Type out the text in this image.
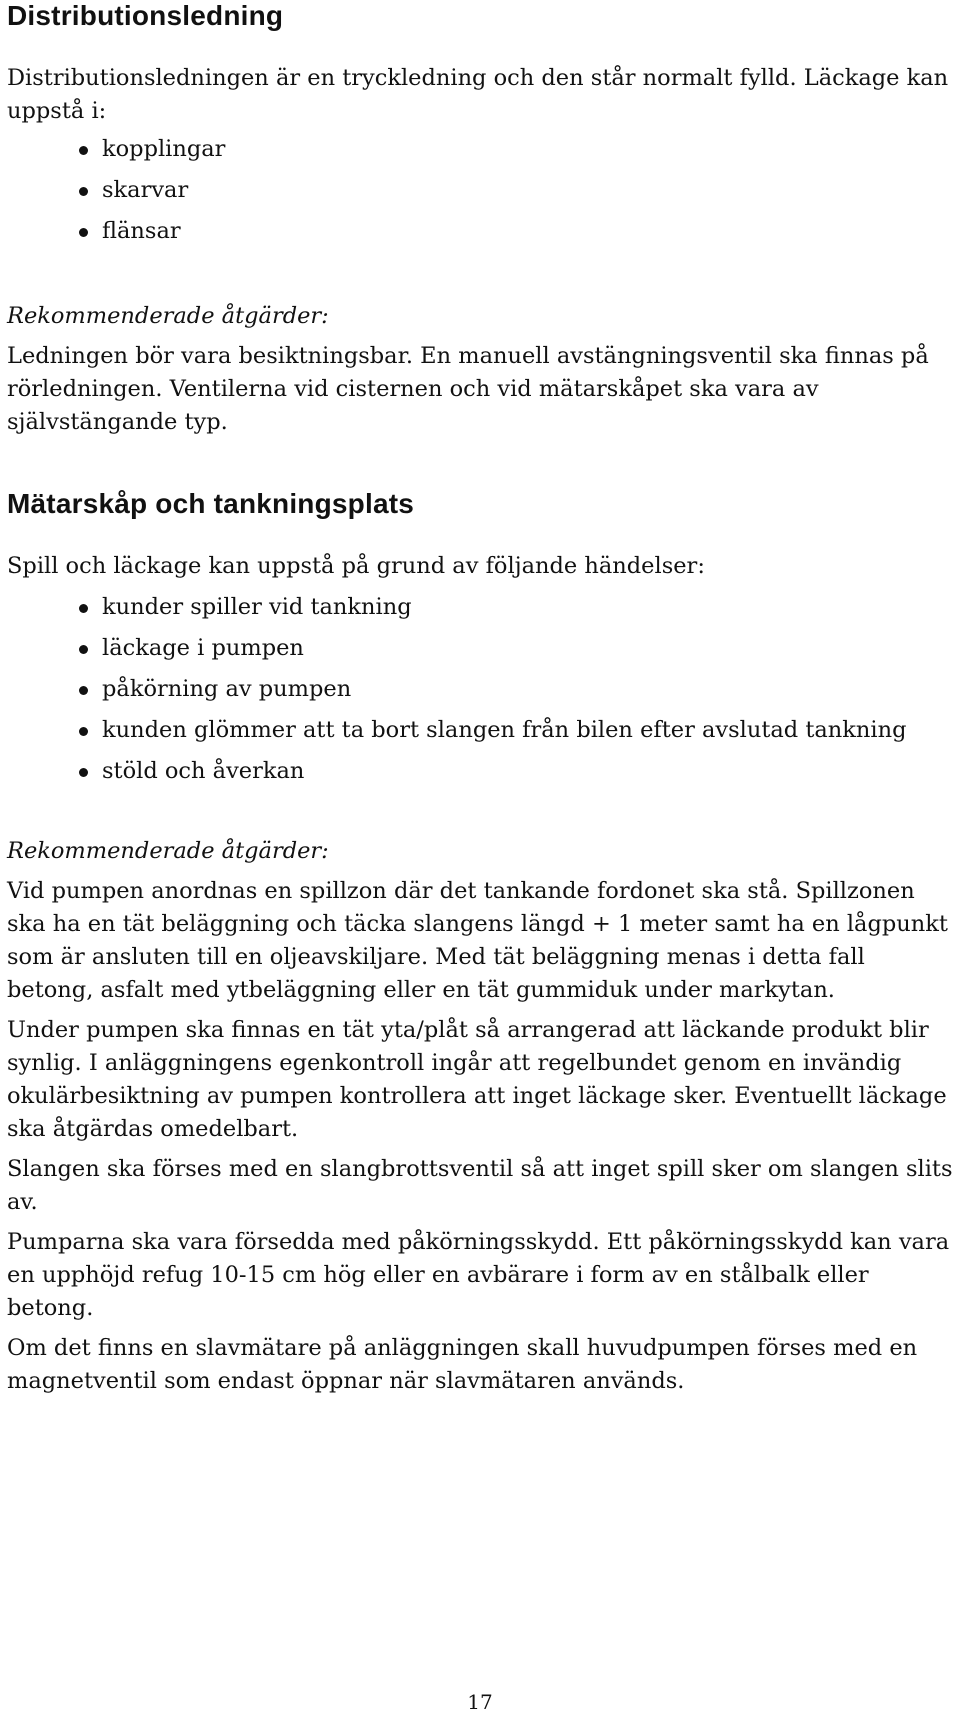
Distributionsledning

Distributionsledningen är en tryckledning och den står normalt fylld. Läckage kan uppstå i:

kopplingar
skarvar
flänsar

Rekommenderade åtgärder:

Ledningen bör vara besiktningsbar. En manuell avstängningsventil ska finnas på rörledningen. Ventilerna vid cisternen och vid mätarskåpet ska vara av självstängande typ.

Mätarskåp och tankningsplats

Spill och läckage kan uppstå på grund av följande händelser:

kunder spiller vid tankning
läckage i pumpen
påkörning av pumpen
kunden glömmer att ta bort slangen från bilen efter avslutad tankning
stöld och åverkan

Rekommenderade åtgärder:

Vid pumpen anordnas en spillzon där det tankande fordonet ska stå. Spillzonen ska ha en tät beläggning och täcka slangens längd + 1 meter samt ha en lågpunkt som är ansluten till en oljeavskiljare. Med tät beläggning menas i detta fall betong, asfalt med ytbeläggning eller en tät gummiduk under markytan.

Under pumpen ska finnas en tät yta/plåt så arrangerad att läckande produkt blir synlig. I anläggningens egenkontroll ingår att regelbundet genom en invändig okulärbesiktning av pumpen kontrollera att inget läckage sker. Eventuellt läckage ska åtgärdas omedelbart.

Slangen ska förses med en slangbrottsventil så att inget spill sker om slangen slits av.

Pumparna ska vara försedda med påkörningsskydd. Ett påkörningsskydd kan vara en upphöjd refug 10-15 cm hög eller en avbärare i form av en stålbalk eller betong.

Om det finns en slavmätare på anläggningen skall huvudpumpen förses med en magnetventil som endast öppnar när slavmätaren används.

17
